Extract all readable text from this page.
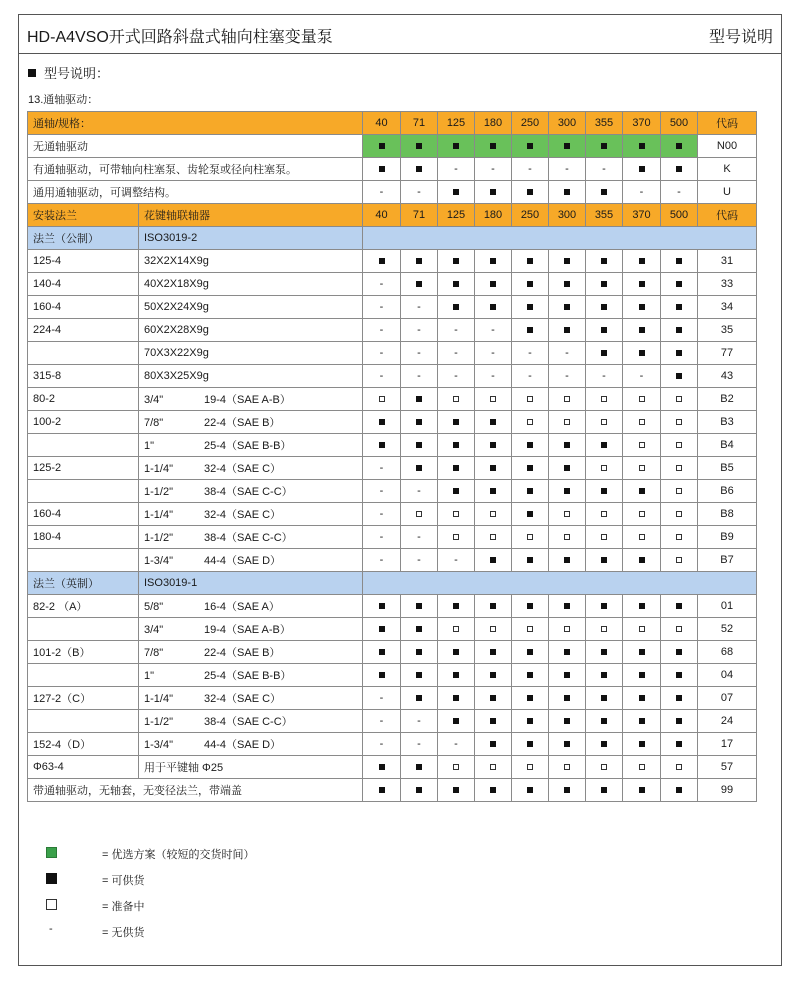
HD-A4VSO开式回路斜盘式轴向柱塞变量泵	型号说明
型号说明：
13.通轴驱动：
通轴/规格：		40	71	125	180	250	300	355	370	500	代码
无通轴驱动											N00
有通轴驱动，可带轴向柱塞泵、齿轮泵或径向柱塞泵。				-	-	-	-	-			K
通用通轴驱动，可调整结构。		-	-						-	-	U
安装法兰	花键轴联轴器	40	71	125	180	250	300	355	370	500	代码
法兰（公制）	ISO3019-2										
125-4	32X2X14X9g										31
140-4	40X2X18X9g	-									33
160-4	50X2X24X9g	-	-								34
224-4	60X2X28X9g	-	-	-	-						35
	70X3X22X9g	-	-	-	-	-	-				77
315-8	80X3X25X9g	-	-	-	-	-	-	-	-		43
80-2	3/4" 19-4（SAE A-B）										B2
100-2	7/8" 22-4（SAE B）										B3
	1" 25-4（SAE B-B）										B4
125-2	1-1/4" 32-4（SAE C）	-									B5
	1-1/2" 38-4（SAE C-C）	-	-								B6
160-4	1-1/4" 32-4（SAE C）	-									B8
180-4	1-1/2" 38-4（SAE C-C）	-	-								B9
	1-3/4" 44-4（SAE D）	-	-	-							B7
法兰（英制）	ISO3019-1										
82-2 （A）	5/8" 16-4（SAE A）										01
	3/4" 19-4（SAE A-B）										52
101-2（B）	7/8" 22-4（SAE B）										68
	1" 25-4（SAE B-B）										04
127-2（C）	1-1/4" 32-4（SAE C）	-									07
	1-1/2" 38-4（SAE C-C）	-	-								24
152-4（D）	1-3/4" 44-4（SAE D）	-	-	-							17
Φ63-4	用于平键轴 Φ25										57
带通轴驱动，无轴套，无变径法兰，带端盖											99
= 优选方案（较短的交货时间）
= 可供货
= 准备中
-	= 无供货
